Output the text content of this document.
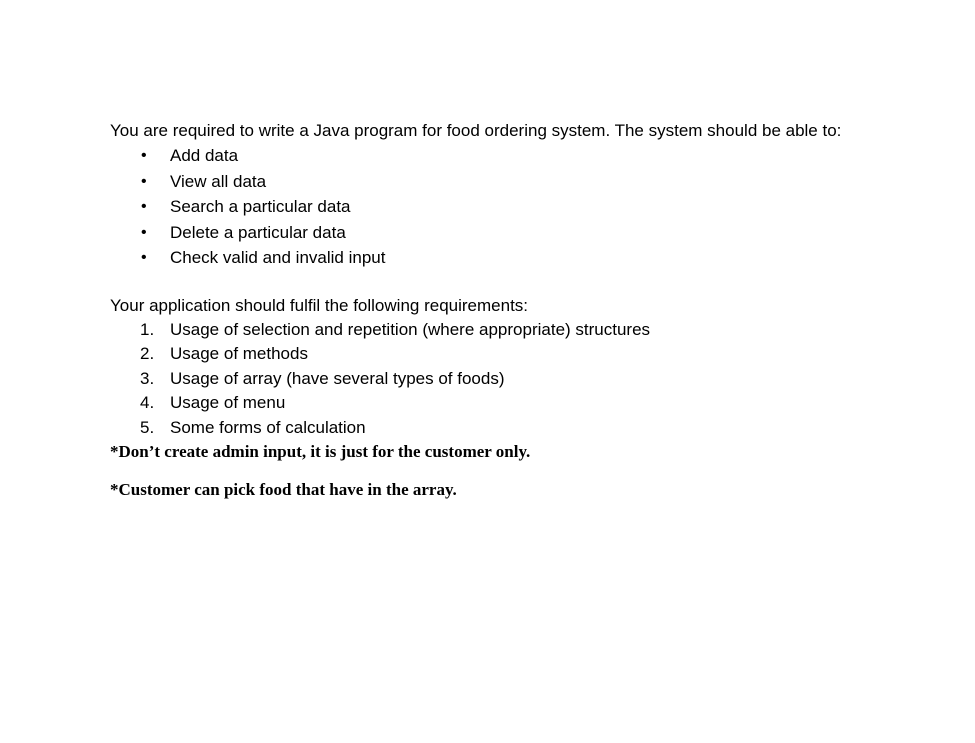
You are required to write a Java program for food ordering system. The system should be able to:

• Add data
• View all data
• Search a particular data
• Delete a particular data
• Check valid and invalid input

Your application should fulfil the following requirements:

1. Usage of selection and repetition (where appropriate) structures
2. Usage of methods
3. Usage of array (have several types of foods)
4. Usage of menu
5. Some forms of calculation

*Don’t create admin input, it is just for the customer only.

*Customer can pick food that have in the array.
